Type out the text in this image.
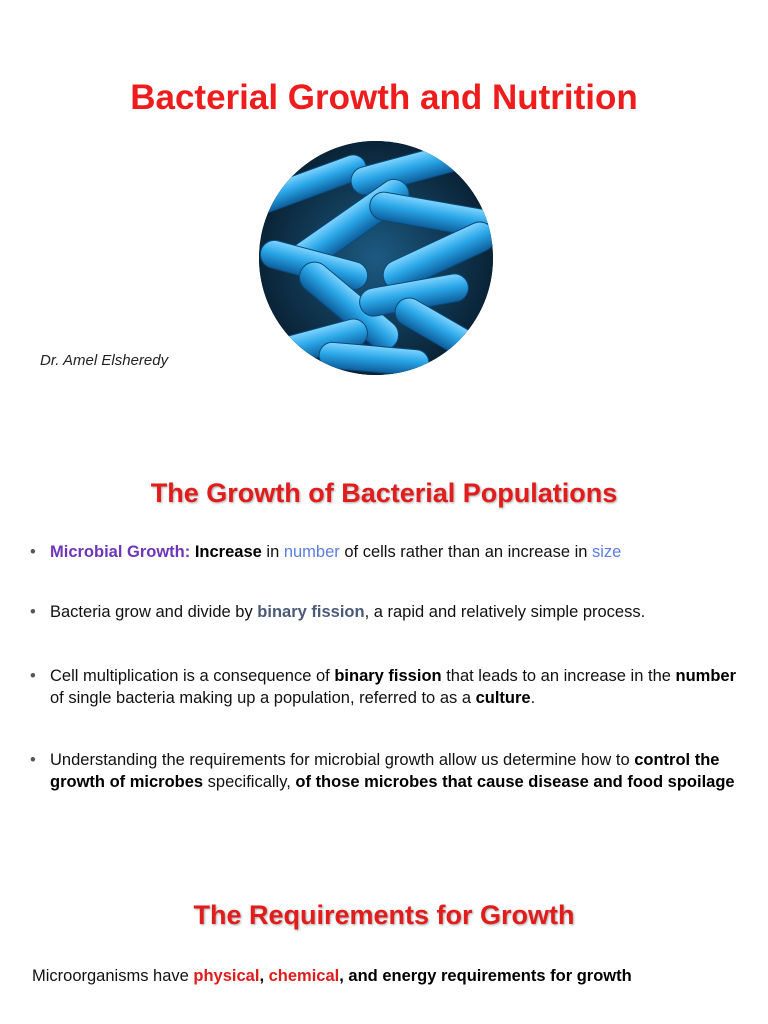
Bacterial Growth and Nutrition
Dr. Amel Elsheredy
The Growth of Bacterial Populations
• Microbial Growth: Increase in number of cells rather than an increase in size
• Bacteria grow and divide by binary fission, a rapid and relatively simple process.
• Cell multiplication is a consequence of binary fission that leads to an increase in the number of single bacteria making up a population, referred to as a culture.
• Understanding the requirements for microbial growth allow us determine how to control the growth of microbes specifically, of those microbes that cause disease and food spoilage
The Requirements for Growth
Microorganisms have physical, chemical, and energy requirements for growth
